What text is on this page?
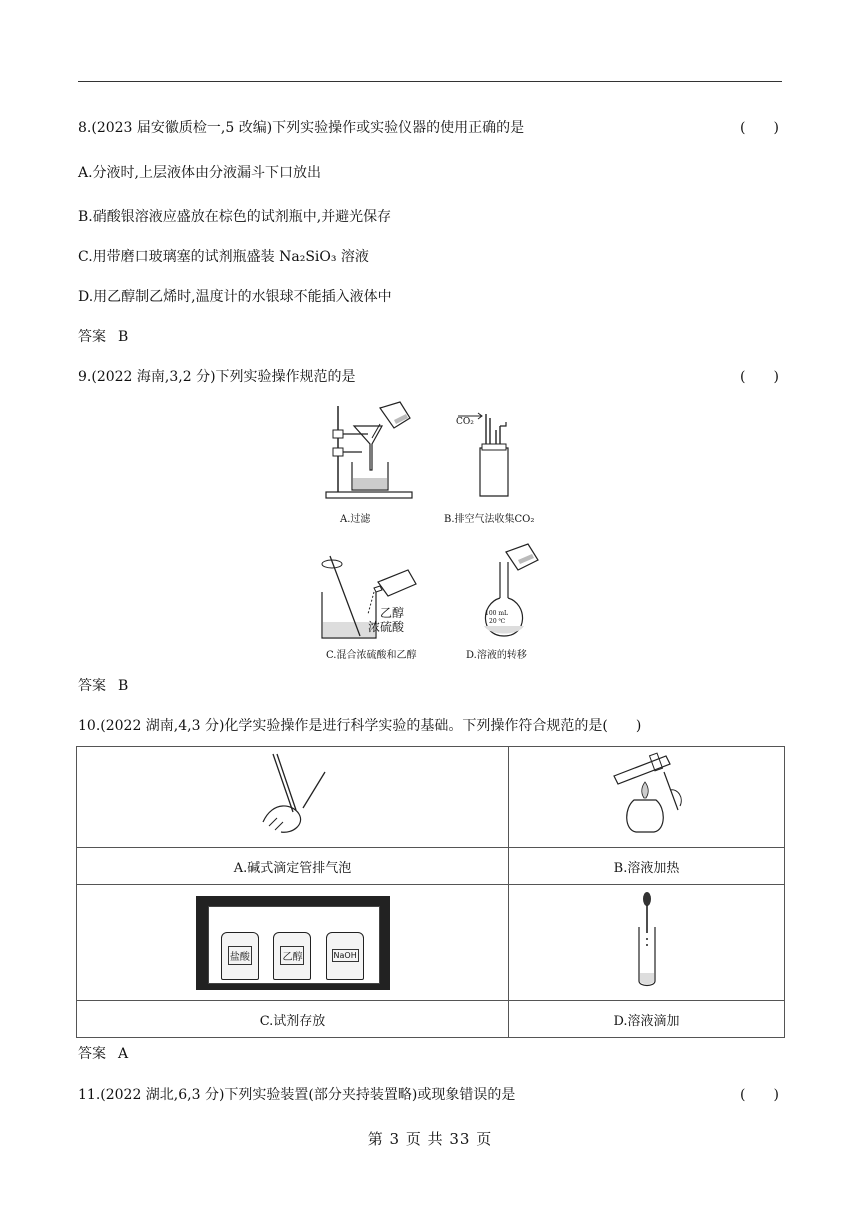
8.(2023 届安徽质检一,5 改编)下列实验操作或实验仪器的使用正确的是	(　　)
A.分液时,上层液体由分液漏斗下口放出
B.硝酸银溶液应盛放在棕色的试剂瓶中,并避光保存
C.用带磨口玻璃塞的试剂瓶盛装 Na₂SiO₃ 溶液
D.用乙醇制乙烯时,温度计的水银球不能插入液体中
答案 B
9.(2022 海南,3,2 分)下列实验操作规范的是	(　　)
A.过滤
CO₂
B.排空气法收集CO₂
乙醇
浓硫酸
C.混合浓硫酸和乙醇
100 mL
20 ℃
D.溶液的转移
答案 B
10.(2022 湖南,4,3 分)化学实验操作是进行科学实验的基础。下列操作符合规范的是(　　)

A.碱式滴定管排气泡	B.溶液加热

盐酸 乙醇 NaOH

C.试剂存放	D.溶液滴加
答案 A
11.(2022 湖北,6,3 分)下列实验装置(部分夹持装置略)或现象错误的是	(　　)
第 3 页 共 33 页
